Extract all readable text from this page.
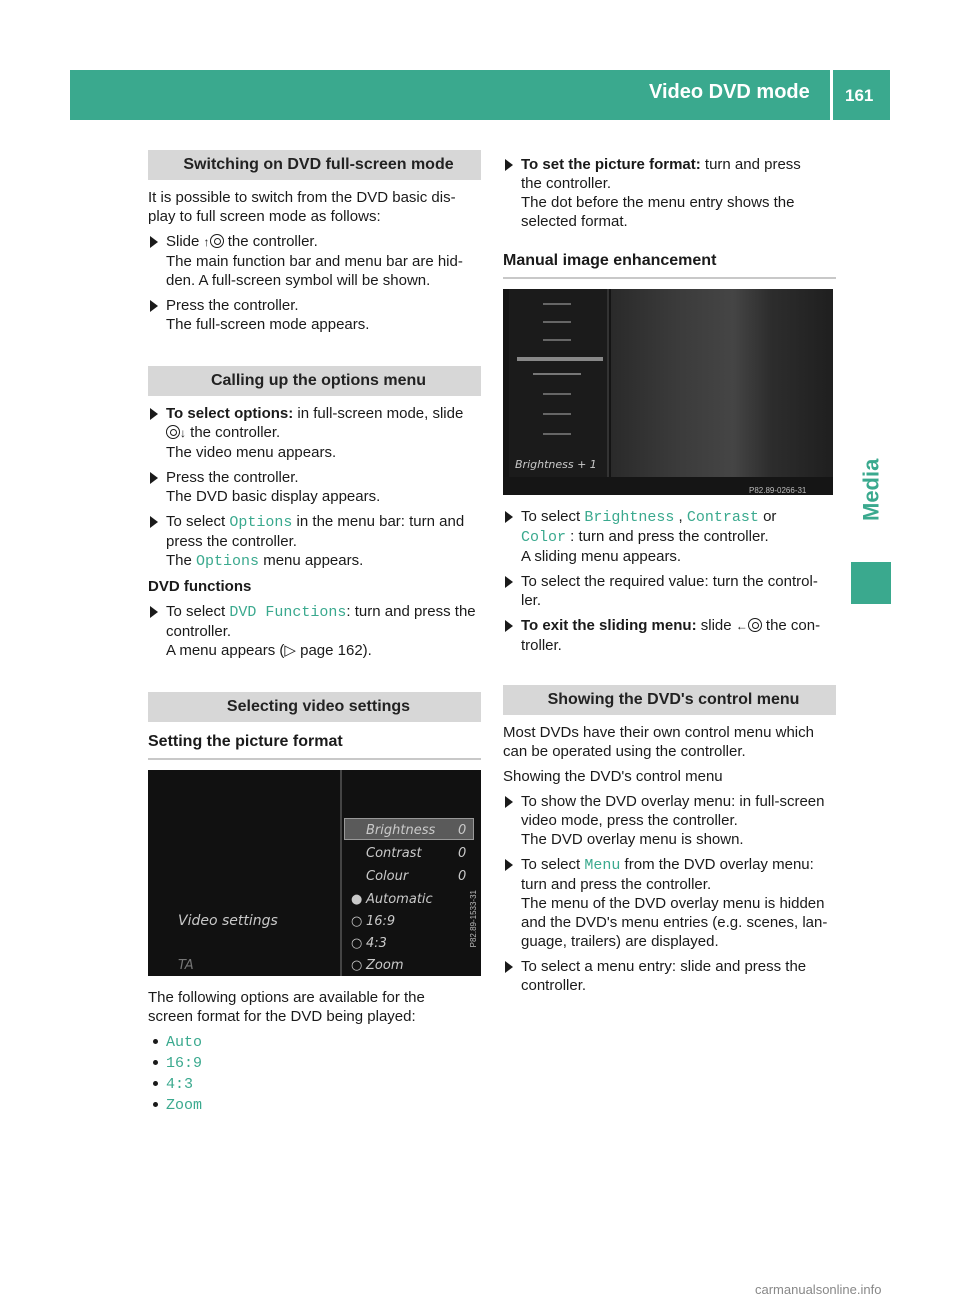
Video DVD mode 161
Media
Switching on DVD full-screen mode
It is possible to switch from the DVD basic dis-
play to full screen mode as follows:
Slide ↑ the controller.
The main function bar and menu bar are hid-
den. A full-screen symbol will be shown.
Press the controller.
The full-screen mode appears.
Calling up the options menu
To select options: in full-screen mode, slide
↓ the controller.
The video menu appears.
Press the controller.
The DVD basic display appears.
To select Options in the menu bar: turn and
press the controller.
The Options menu appears.
DVD functions
To select DVD Functions: turn and press the
controller.
A menu appears (▷ page 162).
Selecting video settings
Setting the picture format
Brightness 0
Contrast	0
Colour	0
● Automatic
○ 16:9
○ 4:3
○ Zoom
Video settings
TA
P82.89-1533-31
The following options are available for the
screen format for the DVD being played:
Auto
16:9
4:3
Zoom
To set the picture format: turn and press
the controller.
The dot before the menu entry shows the
selected format.
Manual image enhancement
Brightness + 1
P82.89-0266-31
To select Brightness , Contrast or
Color : turn and press the controller.
A sliding menu appears.
To select the required value: turn the control-
ler.
To exit the sliding menu: slide ← the con-
troller.
Showing the DVD's control menu
Most DVDs have their own control menu which
can be operated using the controller.
Showing the DVD's control menu
To show the DVD overlay menu: in full-screen
video mode, press the controller.
The DVD overlay menu is shown.
To select Menu from the DVD overlay menu:
turn and press the controller.
The menu of the DVD overlay menu is hidden
and the DVD's menu entries (e.g. scenes, lan-
guage, trailers) are displayed.
To select a menu entry: slide and press the
controller.
carmanualsonline.info
